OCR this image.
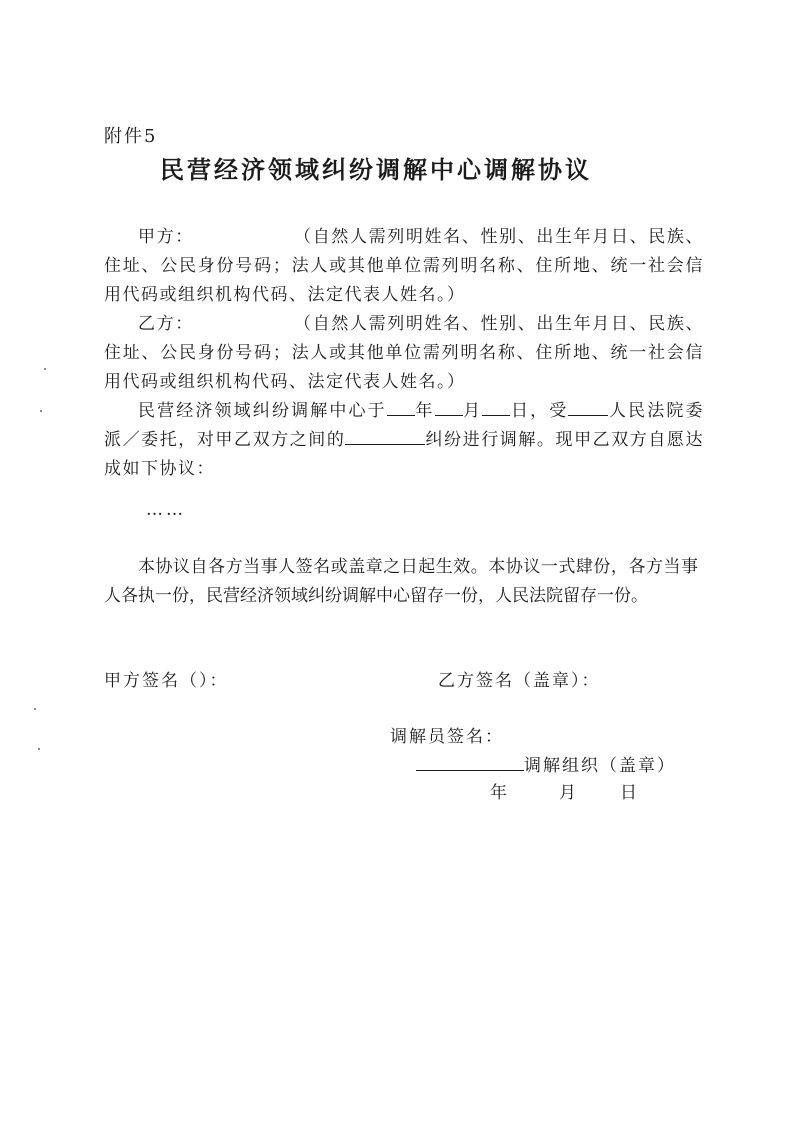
附件5
民营经济领域纠纷调解中心调解协议

甲方：	（自然人需列明姓名、性别、出生年月日、民族、住址、公民身份号码；法人或其他单位需列明名称、住所地、统一社会信用代码或组织机构代码、法定代表人姓名。）

乙方：	（自然人需列明姓名、性别、出生年月日、民族、住址、公民身份号码；法人或其他单位需列明名称、住所地、统一社会信用代码或组织机构代码、法定代表人姓名。）

民营经济领域纠纷调解中心于 年 月 日，受 人民法院委派／委托，对甲乙双方之间的	纠纷进行调解。现甲乙双方自愿达成如下协议：

……

本协议自各方当事人签名或盖章之日起生效。本协议一式肆份，各方当事人各执一份，民营经济领域纠纷调解中心留存一份，人民法院留存一份。

甲方签名（）：	乙方签名（盖章）：
调解员签名：
调解组织（盖章）
年	月	日
